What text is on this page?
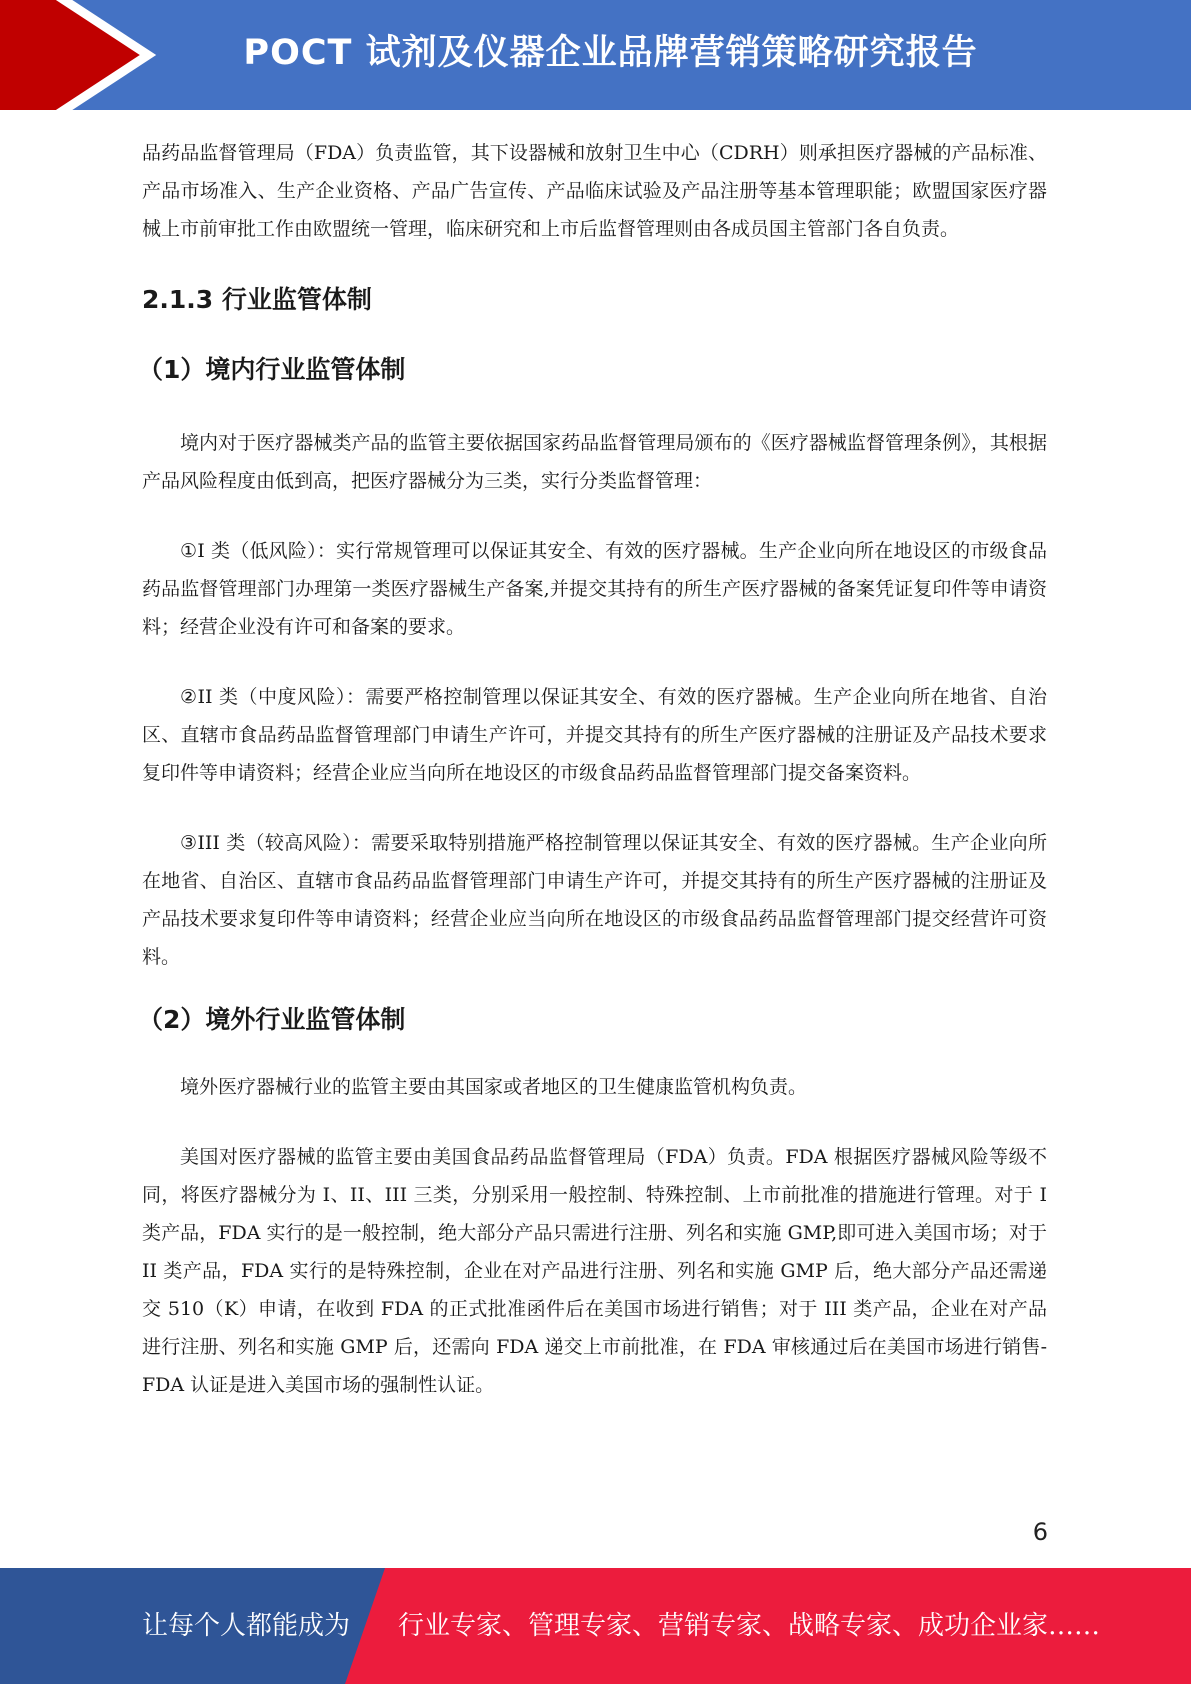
POCT 试剂及仪器企业品牌营销策略研究报告

品药品监督管理局（FDA）负责监管，其下设器械和放射卫生中心（CDRH）则承担医疗器械的产品标准、产品市场准入、生产企业资格、产品广告宣传、产品临床试验及产品注册等基本管理职能；欧盟国家医疗器械上市前审批工作由欧盟统一管理，临床研究和上市后监督管理则由各成员国主管部门各自负责。

2.1.3 行业监管体制
（1）境内行业监管体制

境内对于医疗器械类产品的监管主要依据国家药品监督管理局颁布的《医疗器械监督管理条例》，其根据产品风险程度由低到高，把医疗器械分为三类，实行分类监督管理：

①I 类（低风险）：实行常规管理可以保证其安全、有效的医疗器械。生产企业向所在地设区的市级食品药品监督管理部门办理第一类医疗器械生产备案,并提交其持有的所生产医疗器械的备案凭证复印件等申请资料；经营企业没有许可和备案的要求。

②II 类（中度风险）：需要严格控制管理以保证其安全、有效的医疗器械。生产企业向所在地省、自治区、直辖市食品药品监督管理部门申请生产许可，并提交其持有的所生产医疗器械的注册证及产品技术要求复印件等申请资料；经营企业应当向所在地设区的市级食品药品监督管理部门提交备案资料。

③III 类（较高风险）：需要采取特别措施严格控制管理以保证其安全、有效的医疗器械。生产企业向所在地省、自治区、直辖市食品药品监督管理部门申请生产许可，并提交其持有的所生产医疗器械的注册证及产品技术要求复印件等申请资料；经营企业应当向所在地设区的市级食品药品监督管理部门提交经营许可资料。

（2）境外行业监管体制

境外医疗器械行业的监管主要由其国家或者地区的卫生健康监管机构负责。

美国对医疗器械的监管主要由美国食品药品监督管理局（FDA）负责。FDA 根据医疗器械风险等级不同，将医疗器械分为 I、II、III 三类，分别采用一般控制、特殊控制、上市前批准的措施进行管理。对于 I 类产品，FDA 实行的是一般控制，绝大部分产品只需进行注册、列名和实施 GMP,即可进入美国市场；对于 II 类产品，FDA 实行的是特殊控制，企业在对产品进行注册、列名和实施 GMP 后，绝大部分产品还需递交 510（K）申请，在收到 FDA 的正式批准函件后在美国市场进行销售；对于 III 类产品，企业在对产品进行注册、列名和实施 GMP 后，还需向 FDA 递交上市前批准，在 FDA 审核通过后在美国市场进行销售-FDA 认证是进入美国市场的强制性认证。

6
让每个人都能成为 行业专家、管理专家、营销专家、战略专家、成功企业家……
